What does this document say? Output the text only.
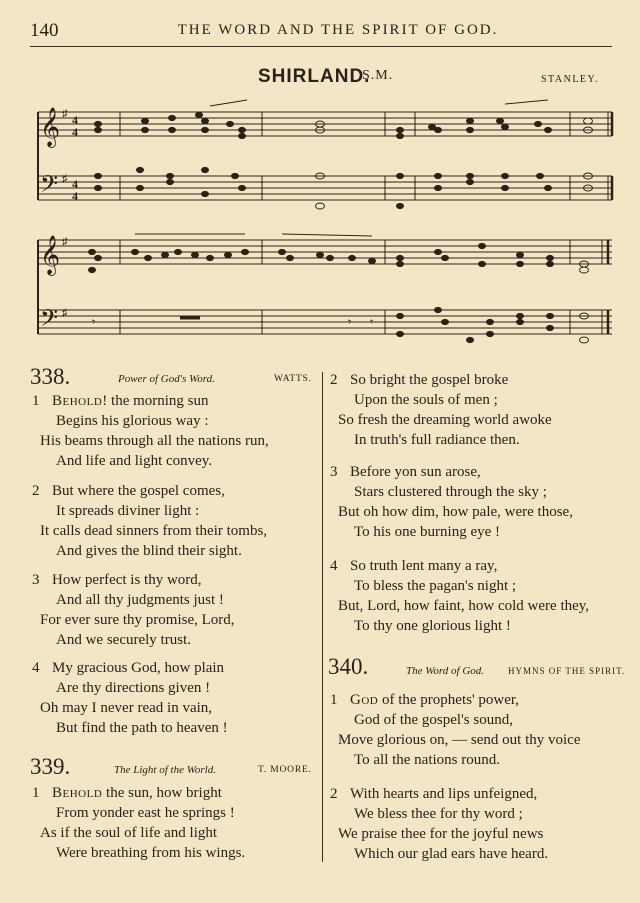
140	THE WORD AND THE SPIRIT OF GOD.
SHIRLAND.
S.M.	STANLEY.
𝄞
𝄢
♯
♯
4
4
4
4
𝄞
𝄢
♯
♯
𝄾	𝄾 𝄾
338.	Power of God's Word.	WATTS.
1 Behold! the morning sun
Begins his glorious way :
His beams through all the nations run,
And life and light convey.
2 But where the gospel comes,
It spreads diviner light :
It calls dead sinners from their tombs,
And gives the blind their sight.
3 How perfect is thy word,
And all thy judgments just !
For ever sure thy promise, Lord,
And we securely trust.
4 My gracious God, how plain
Are thy directions given !
Oh may I never read in vain,
But find the path to heaven !
339.	The Light of the World.	T. MOORE.
1 Behold the sun, how bright
From yonder east he springs !
As if the soul of life and light
Were breathing from his wings.
2 So bright the gospel broke
Upon the souls of men ;
So fresh the dreaming world awoke
In truth's full radiance then.
3 Before yon sun arose,
Stars clustered through the sky ;
But oh how dim, how pale, were those,
To his one burning eye !
4 So truth lent many a ray,
To bless the pagan's night ;
But, Lord, how faint, how cold were they,
To thy one glorious light !
340.	The Word of God.	HYMNS OF THE SPIRIT.
1 God of the prophets' power,
God of the gospel's sound,
Move glorious on, — send out thy voice
To all the nations round.
2 With hearts and lips unfeigned,
We bless thee for thy word ;
We praise thee for the joyful news
Which our glad ears have heard.
